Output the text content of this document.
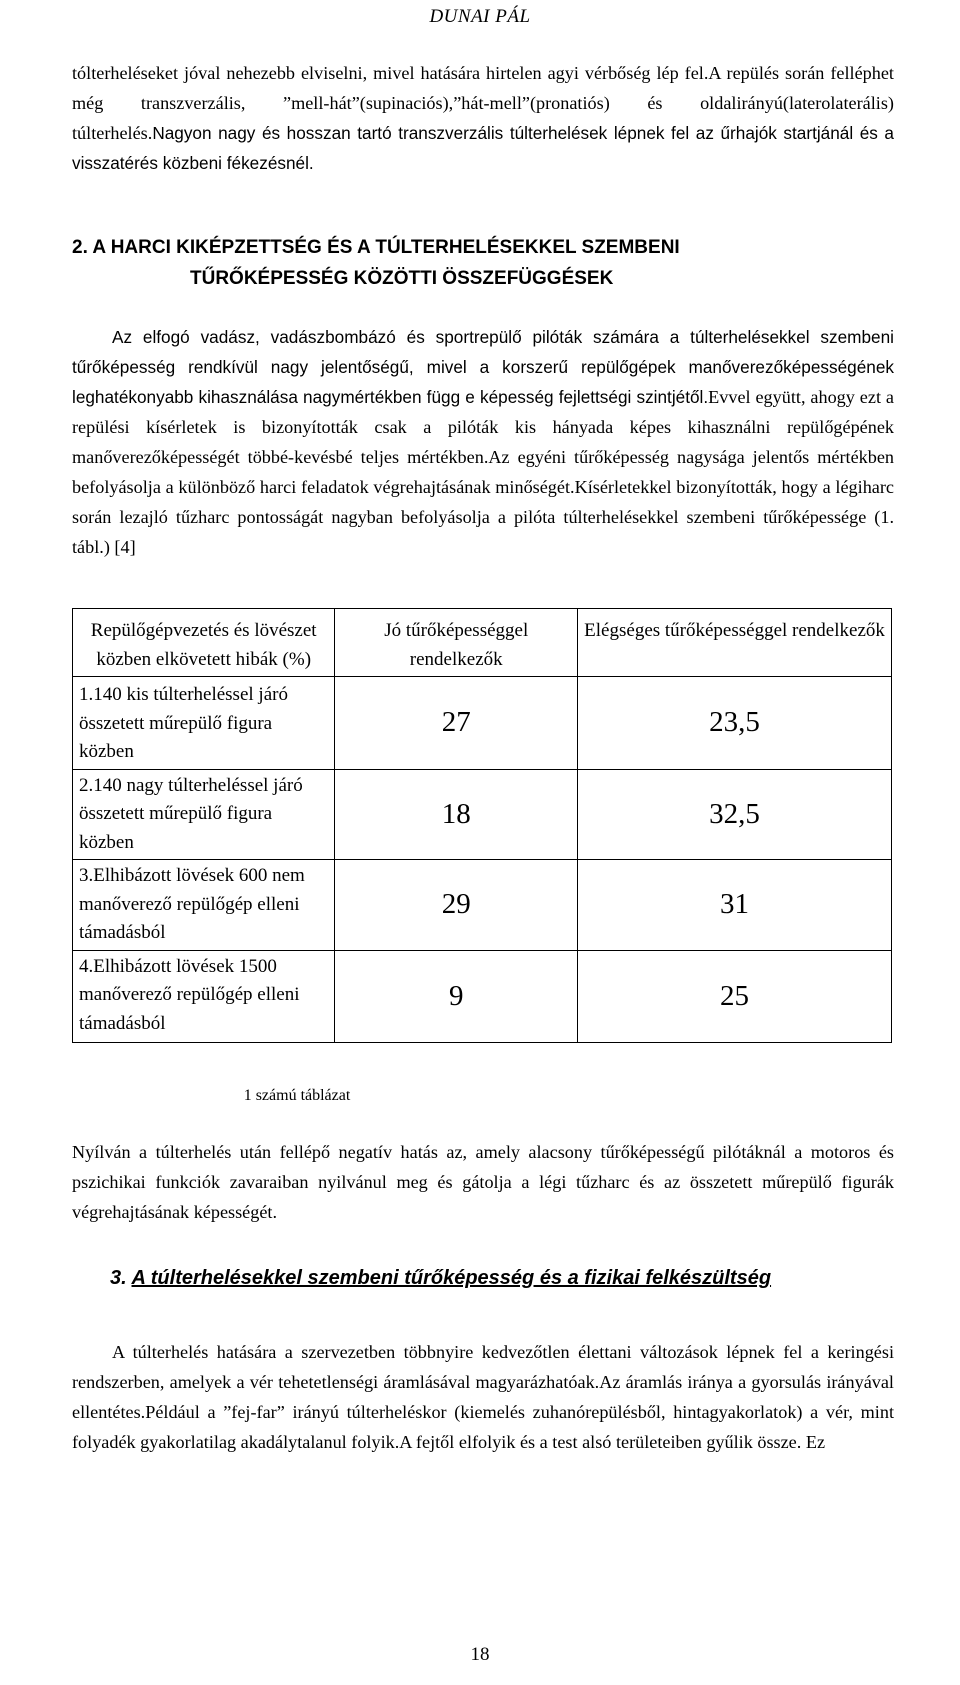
DUNAI PÁL

tólterheléseket jóval nehezebb elviselni, mivel hatására hirtelen agyi vérbőség lép fel.A repülés során felléphet még transzverzális, ”mell-hát”(supinaciós),”hát-mell”(pronatiós) és oldalirányú(laterolaterális) túlterhelés.Nagyon nagy és hosszan tartó transzverzális túlterhelések lépnek fel az űrhajók startjánál és a visszatérés közbeni fékezésnél.

2. A HARCI KIKÉPZETTSÉG ÉS A TÚLTERHELÉSEKKEL SZEMBENI
TŰRŐKÉPESSÉG KÖZÖTTI ÖSSZEFÜGGÉSEK

Az elfogó vadász, vadászbombázó és sportrepülő pilóták számára a túlterhelésekkel szembeni tűrőképesség rendkívül nagy jelentőségű, mivel a korszerű repülőgépek manőverezőképességének leghatékonyabb kihasználása nagymértékben függ e képesség fejlettségi szintjétől.Evvel együtt, ahogy ezt a repülési kísérletek is bizonyították csak a pilóták kis hányada képes kihasználni repülőgépének manőverezőképességét többé-kevésbé teljes mértékben.Az egyéni tűrőképesség nagysága jelentős mértékben befolyásolja a különböző harci feladatok végrehajtásának minőségét.Kísérletekkel bizonyították, hogy a légiharc során lezajló tűzharc pontosságát nagyban befolyásolja a pilóta túlterhelésekkel szembeni tűrőképessége (1. tábl.) [4]

Repülőgépvezetés és lövészet közben elkövetett hibák (%)	Jó tűrőképességgel rendelkezők	Elégséges tűrőképességgel rendelkezők
1.140 kis túlterheléssel járó összetett műrepülő figura közben	27	23,5
2.140 nagy túlterheléssel járó összetett műrepülő figura közben	18	32,5
3.Elhibázott lövések 600 nem manőverező repülőgép elleni támadásból	29	31
4.Elhibázott lövések 1500 manőverező repülőgép elleni támadásból	9	25
1 számú táblázat

Nyílván a túlterhelés után fellépő negatív hatás az, amely alacsony tűrőképességű pilótáknál a motoros és pszichikai funkciók zavaraiban nyilvánul meg és gátolja a légi tűzharc és az összetett műrepülő figurák végrehajtásának képességét.

3. A túlterhelésekkel szembeni tűrőképesség és a fizikai felkészültség

A túlterhelés hatására a szervezetben többnyire kedvezőtlen élettani változások lépnek fel a keringési rendszerben, amelyek a vér tehetetlenségi áramlásával magyarázhatóak.Az áramlás iránya a gyorsulás irányával ellentétes.Például a ”fej-far” irányú túlterheléskor (kiemelés zuhanórepülésből, hintagyakorlatok) a vér, mint folyadék gyakorlatilag akadálytalanul folyik.A fejtől elfolyik és a test alsó területeiben gyűlik össze. Ez

18
